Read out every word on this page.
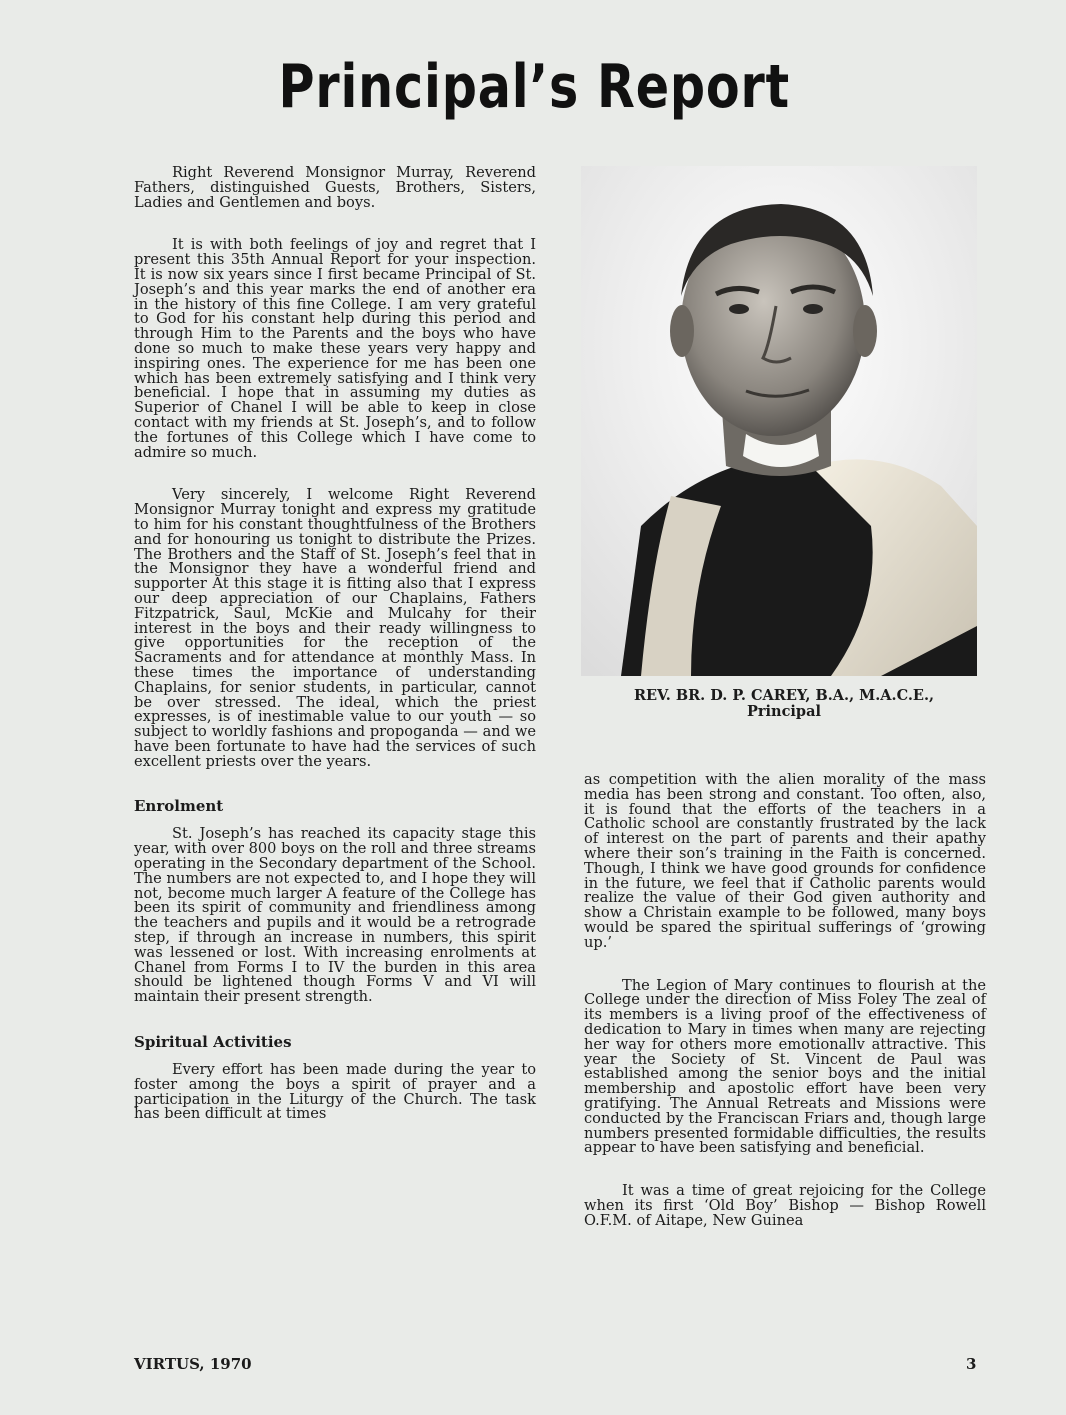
Principal’s Report

Right Reverend Monsignor Murray, Reverend Fathers, distinguished Guests, Brothers, Sisters, Ladies and Gentlemen and boys.

It is with both feelings of joy and regret that I present this 35th Annual Report for your inspection. It is now six years since I first became Principal of St. Joseph’s and this year marks the end of another era in the history of this fine College. I am very grateful to God for his constant help during this period and through Him to the Parents and the boys who have done so much to make these years very happy and inspiring ones. The experience for me has been one which has been extremely satisfying and I think very beneficial. I hope that in assuming my duties as Superior of Chanel I will be able to keep in close contact with my friends at St. Joseph’s, and to follow the fortunes of this College which I have come to admire so much.

Very sincerely, I welcome Right Reverend Monsignor Murray tonight and express my gratitude to him for his constant thoughtfulness of the Brothers and for honouring us tonight to distribute the Prizes. The Brothers and the Staff of St. Joseph’s feel that in the Monsignor they have a wonderful friend and supporter At this stage it is fitting also that I express our deep appreciation of our Chaplains, Fathers Fitzpatrick, Saul, McKie and Mulcahy for their interest in the boys and their ready willingness to give opportunities for the reception of the Sacraments and for attendance at monthly Mass. In these times the importance of understanding Chaplains, for senior students, in particular, cannot be over stressed. The ideal, which the priest expresses, is of inestimable value to our youth — so subject to worldly fashions and propoganda — and we have been fortunate to have had the services of such excellent priests over the years.

Enrolment

St. Joseph’s has reached its capacity stage this year, with over 800 boys on the roll and three streams operating in the Secondary department of the School. The numbers are not expected to, and I hope they will not, become much larger A feature of the College has been its spirit of community and friendliness among the teachers and pupils and it would be a retrograde step, if through an increase in numbers, this spirit was lessened or lost. With increasing enrolments at Chanel from Forms I to IV the burden in this area should be lightened though Forms V and VI will maintain their present strength.

Spiritual Activities

Every effort has been made during the year to foster among the boys a spirit of prayer and a participation in the Liturgy of the Church. The task has been difficult at times

REV. BR. D. P. CAREY, B.A., M.A.C.E.,
Principal

as competition with the alien morality of the mass media has been strong and constant. Too often, also, it is found that the efforts of the teachers in a Catholic school are constantly frustrated by the lack of interest on the part of parents and their apathy where their son’s training in the Faith is concerned. Though, I think we have good grounds for confidence in the future, we feel that if Catholic parents would realize the value of their God given authority and show a Christain example to be followed, many boys would be spared the spiritual sufferings of ‘growing up.’

The Legion of Mary continues to flourish at the College under the direction of Miss Foley The zeal of its members is a living proof of the effectiveness of dedication to Mary in times when many are rejecting her way for others more emotionallv attractive. This year the Society of St. Vincent de Paul was established among the senior boys and the initial membership and apostolic effort have been very gratifying. The Annual Retreats and Missions were conducted by the Franciscan Friars and, though large numbers presented formidable difficulties, the results appear to have been satisfying and beneficial.

It was a time of great rejoicing for the College when its first ‘Old Boy’ Bishop — Bishop Rowell O.F.M. of Aitape, New Guinea

VIRTUS, 1970	3
